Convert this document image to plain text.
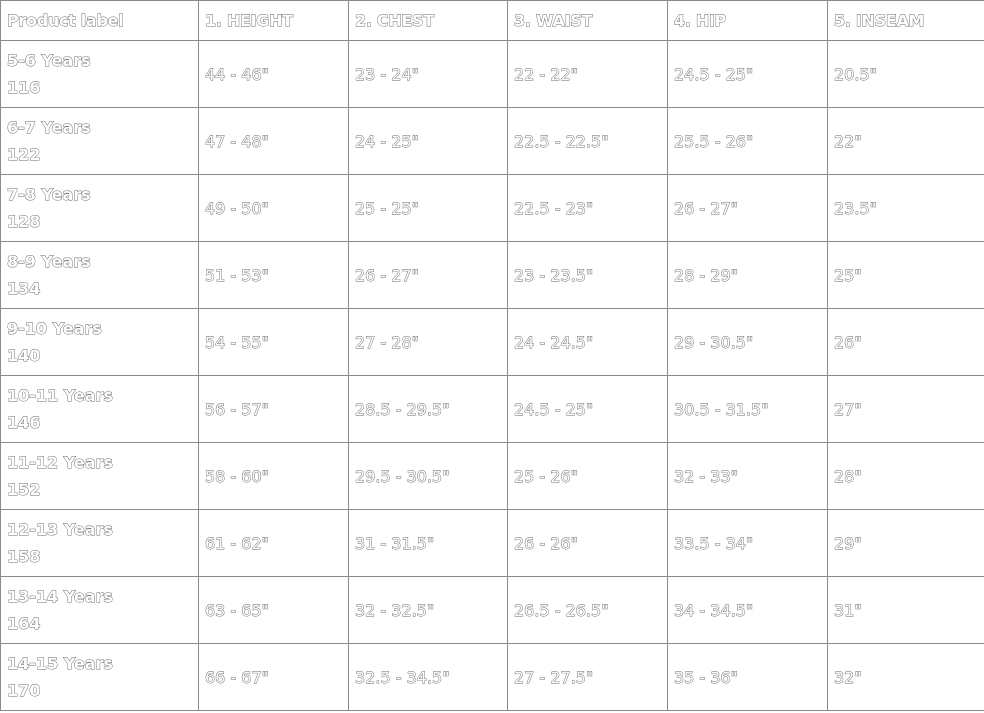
Product label	1. HEIGHT	2. CHEST	3. WAIST	4. HIP	5. INSEAM

5-6 Years
116	44 - 46"	23 - 24"	22 - 22"	24.5 - 25"	20.5"

6-7 Years
122	47 - 48"	24 - 25"	22.5 - 22.5"	25.5 - 26"	22"

7-8 Years
128	49 - 50"	25 - 25"	22.5 - 23"	26 - 27"	23.5"

8-9 Years
134	51 - 53"	26 - 27"	23 - 23.5"	28 - 29"	25"

9-10 Years
140	54 - 55"	27 - 28"	24 - 24.5"	29 - 30.5"	26"

10-11 Years
146	56 - 57"	28.5 - 29.5"	24.5 - 25"	30.5 - 31.5"	27"

11-12 Years
152	58 - 60"	29.5 - 30.5"	25 - 26"	32 - 33"	28"

12-13 Years
158	61 - 62"	31 - 31.5"	26 - 26"	33.5 - 34"	29"

13-14 Years
164	63 - 65"	32 - 32.5"	26.5 - 26.5"	34 - 34.5"	31"

14-15 Years
170	66 - 67"	32.5 - 34.5"	27 - 27.5"	35 - 36"	32"
